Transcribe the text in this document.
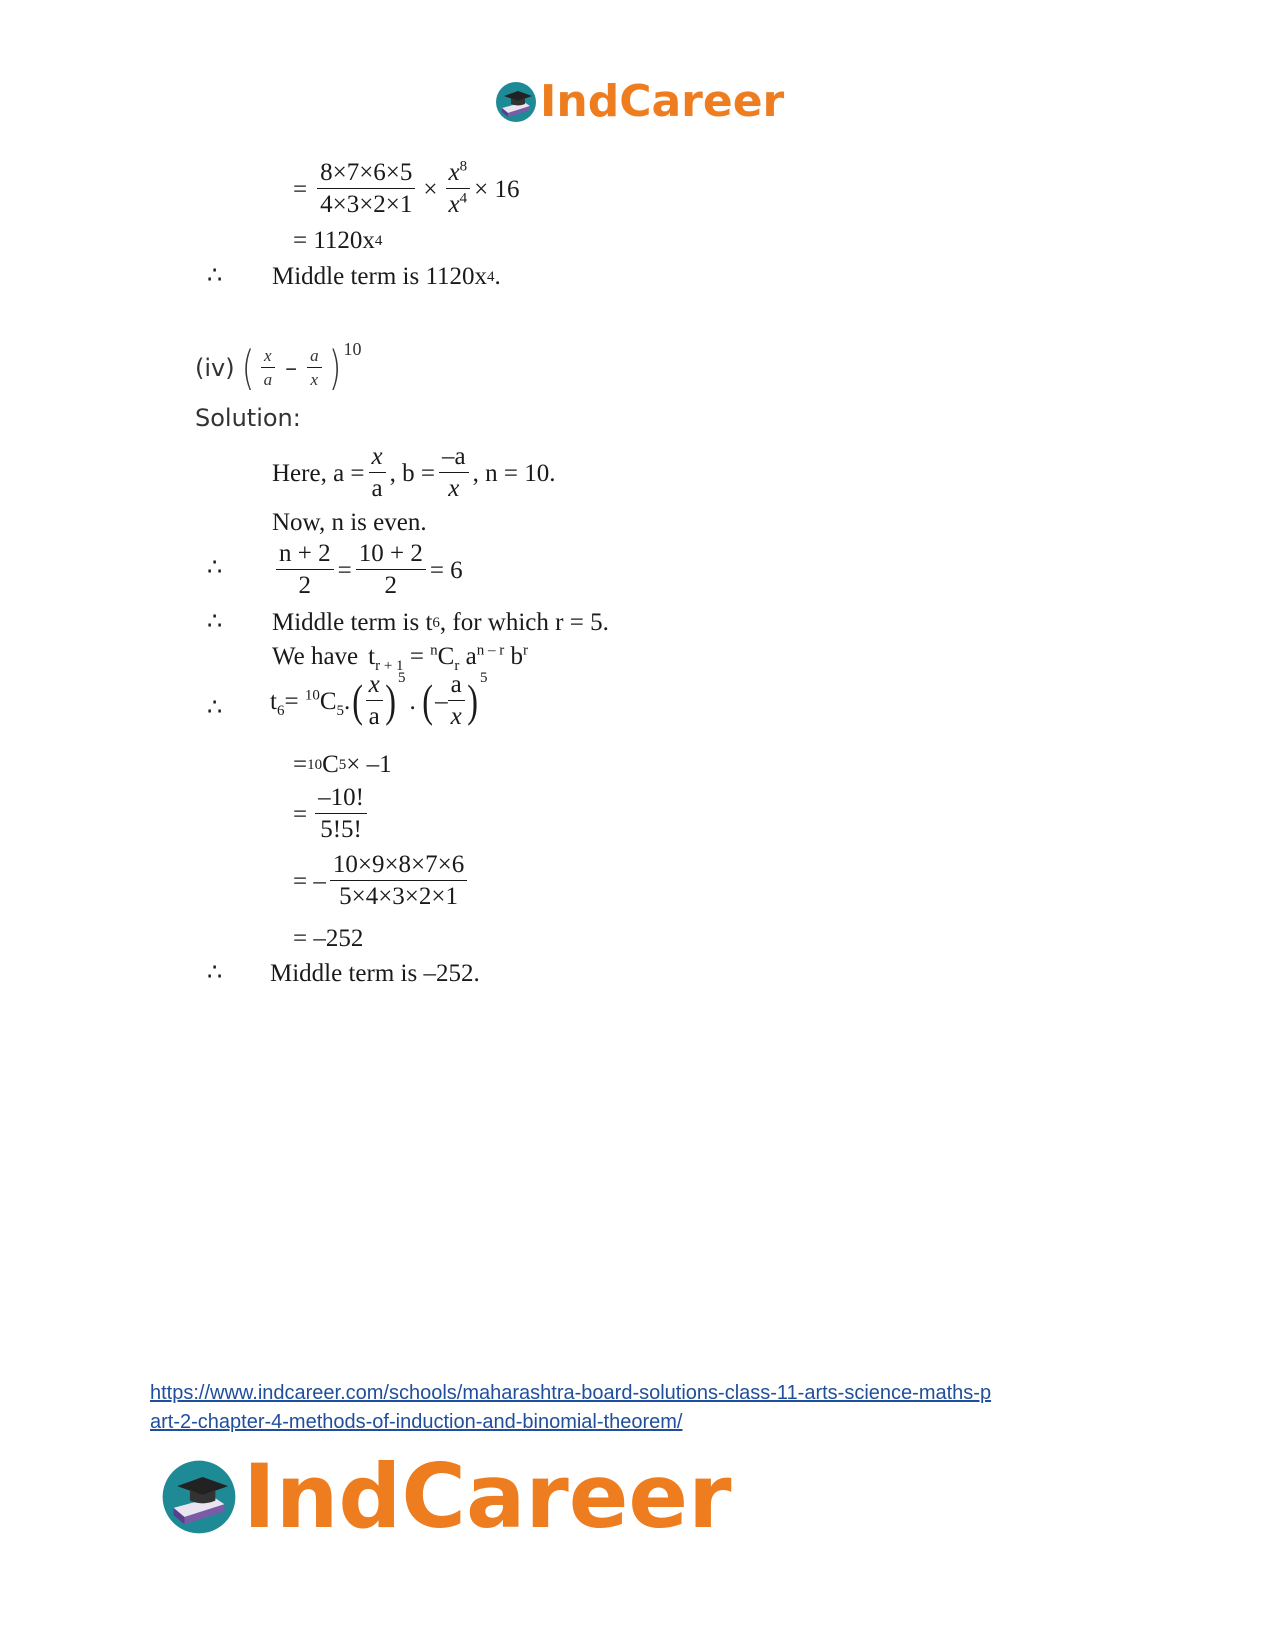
IndCareer
= $\frac{8\times 7\times 6\times 5}{4\times 3\times 2\times 1} \times \frac{x^8}{x^4} \times 16$
= 1120x 4
∴ Middle term is 1120x 4 .
(iv) ( $\frac{x}{a} - \frac{a}{x}$ ) 10
Solution:
Here, $a = \frac{x}{a}$ , $b = \frac{-a}{x}$ , n = 10.
Now, n is even.
∴ $\frac{n + 2}{2} = \frac{10 + 2}{2} = 6$
∴ Middle term is t 6 , for which r = 5.
We have $t_{r + 1} = ^nC_r$ $a^{n - r}$ $b^r$
∴ $t_6= ^{10}C_5$. ( $\frac{x}{a}$ ) 5
. ( – $\frac{a}{x}$ ) 5
= 10 C 5 × –1
= $\frac{-10!}{5!5!}$
= – $\frac{10\times 9\times 8\times 7\times 6}{5\times 4\times 3\times 2\times 1}$
= –252
∴ Middle term is –252.
https://www.indcareer.com/schools/maharashtra-board-solutions-class-11-arts-science-maths-p
art-2-chapter-4-methods-of-induction-and-binomial-theorem/
IndCareer
